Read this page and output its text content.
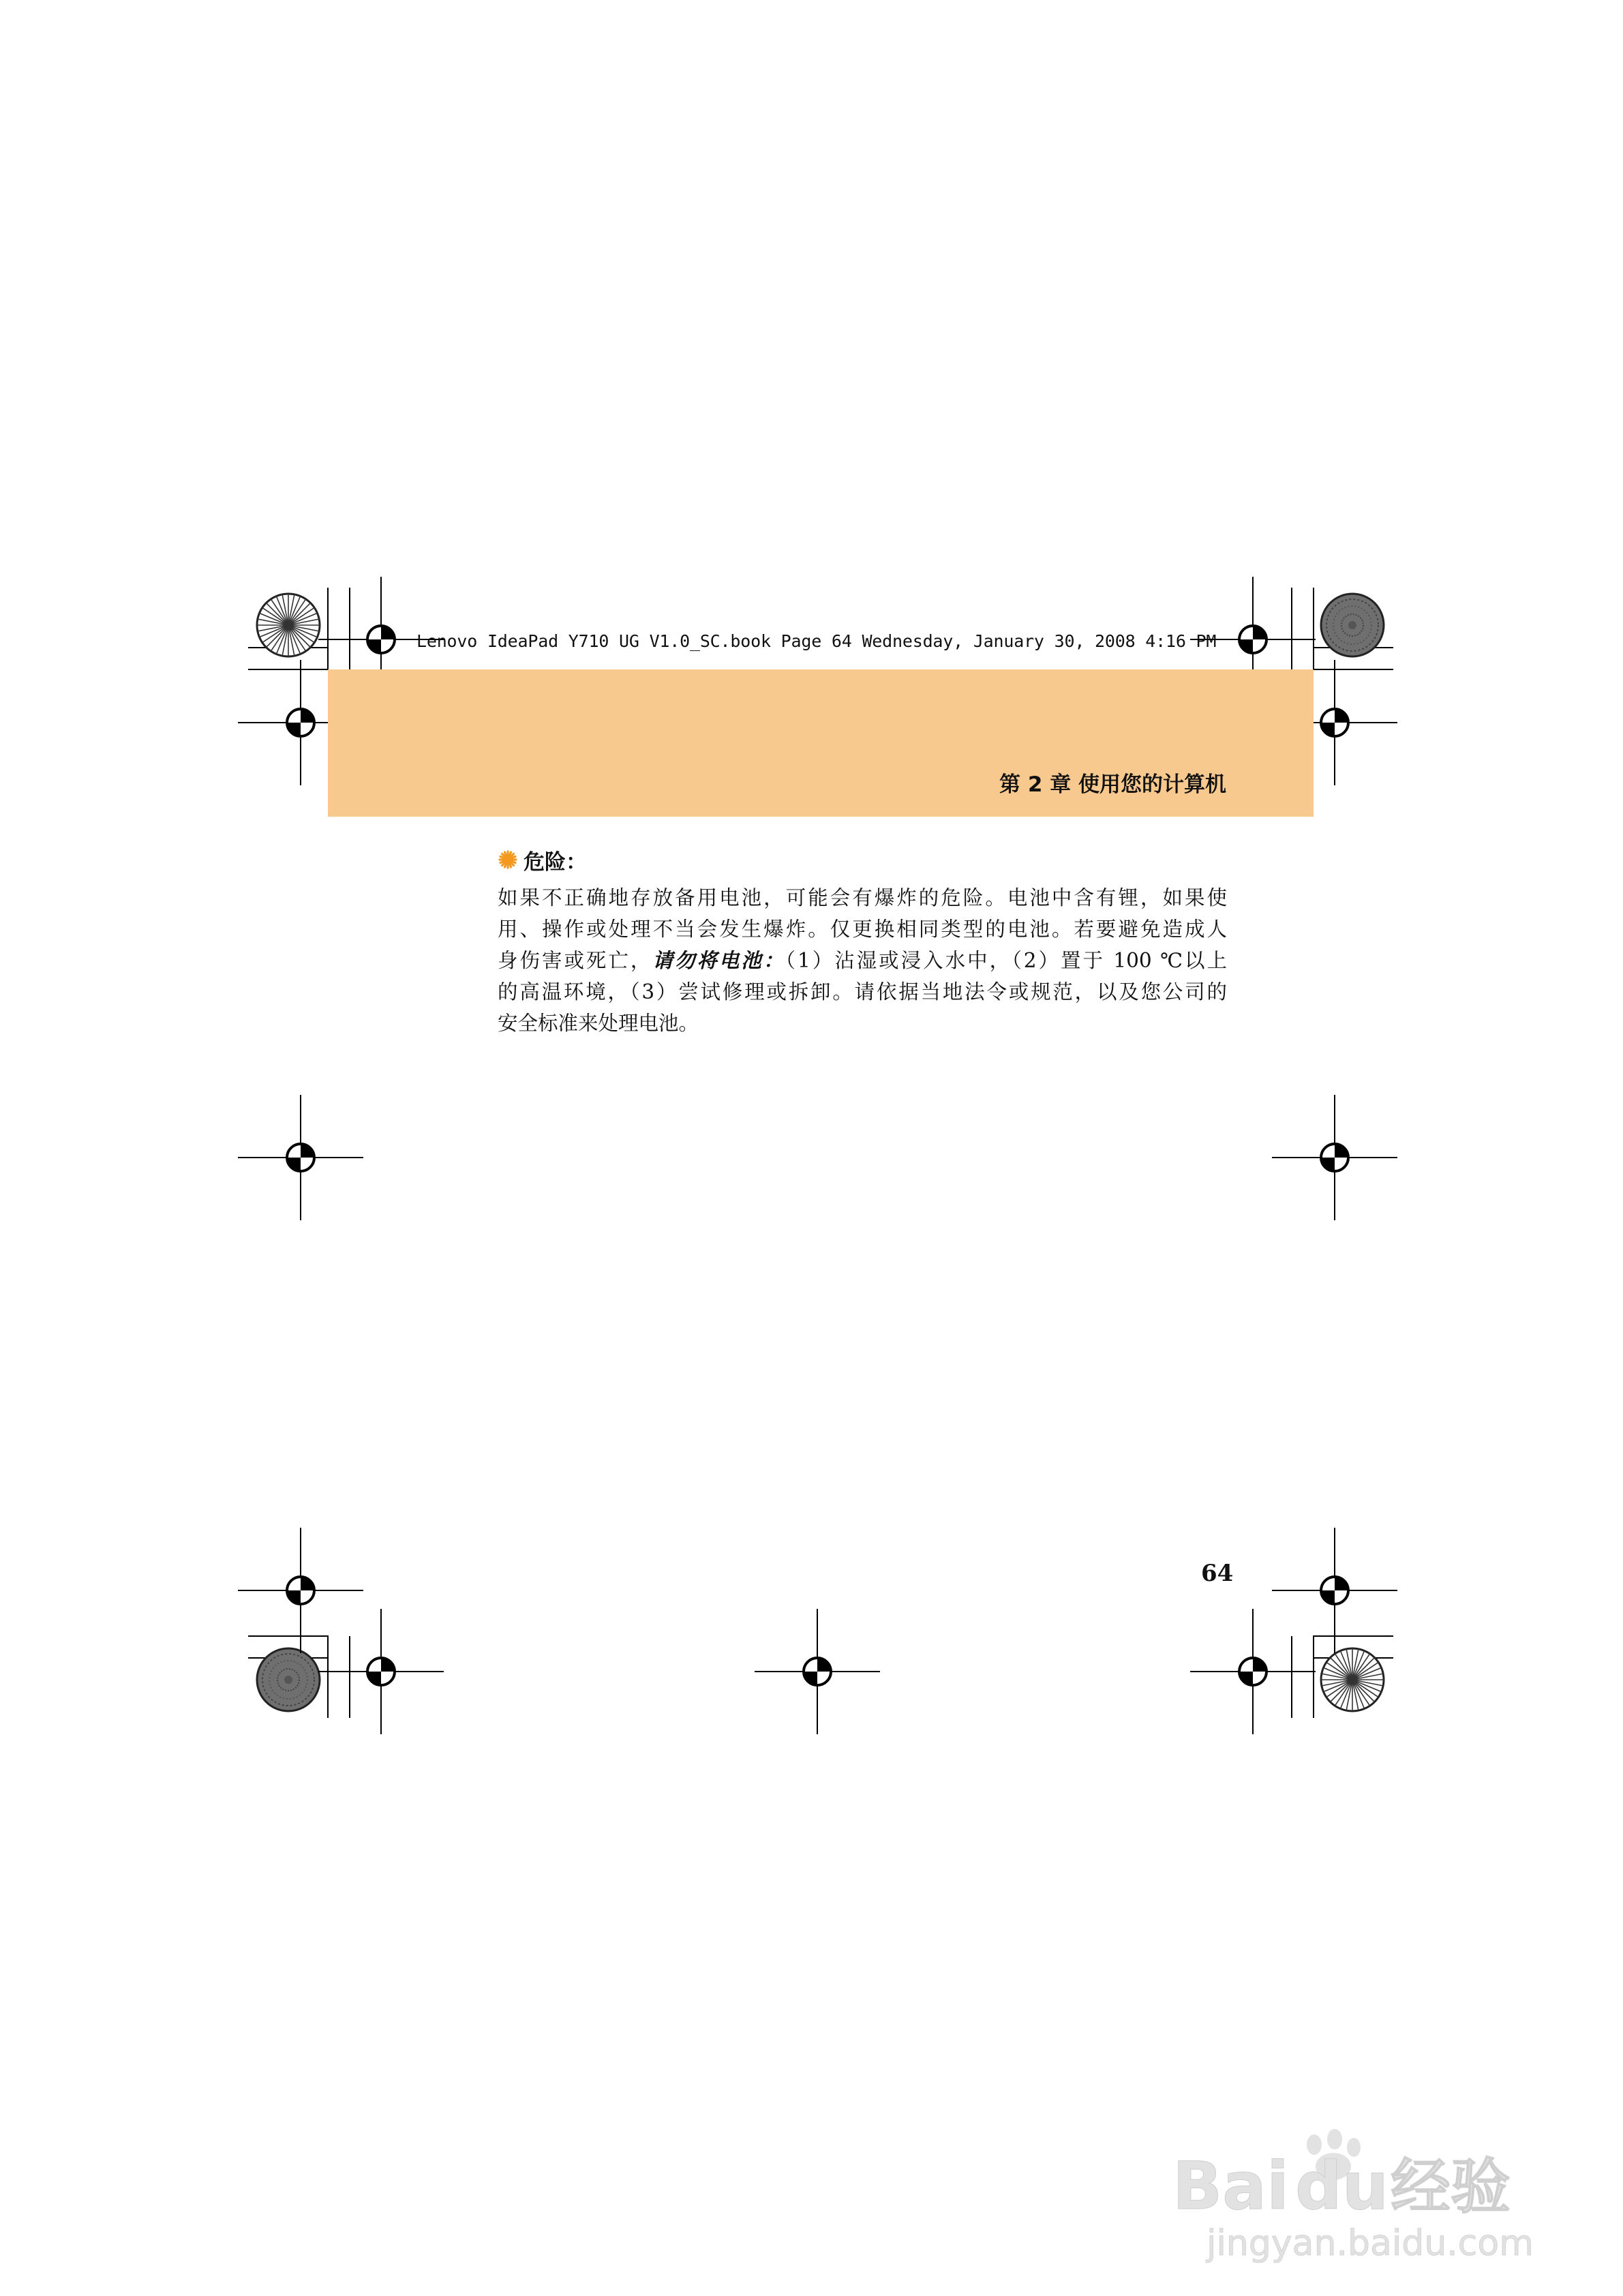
Lenovo IdeaPad Y710 UG V1.0_SC.book Page 64 Wednesday, January 30, 2008 4:16 PM
第 2 章 使用您的计算机
危险：
如果不正确地存放备用电池，可能会有爆炸的危险。电池中含有锂，如果使
用、操作或处理不当会发生爆炸。仅更换相同类型的电池。若要避免造成人
身伤害或死亡，请勿将电池：（1）沾湿或浸入水中，（2）置于 100 ℃以上
的高温环境，（3）尝试修理或拆卸。请依据当地法令或规范，以及您公司的
安全标准来处理电池。
64
Bai du 经验
jingyan.baidu.com
